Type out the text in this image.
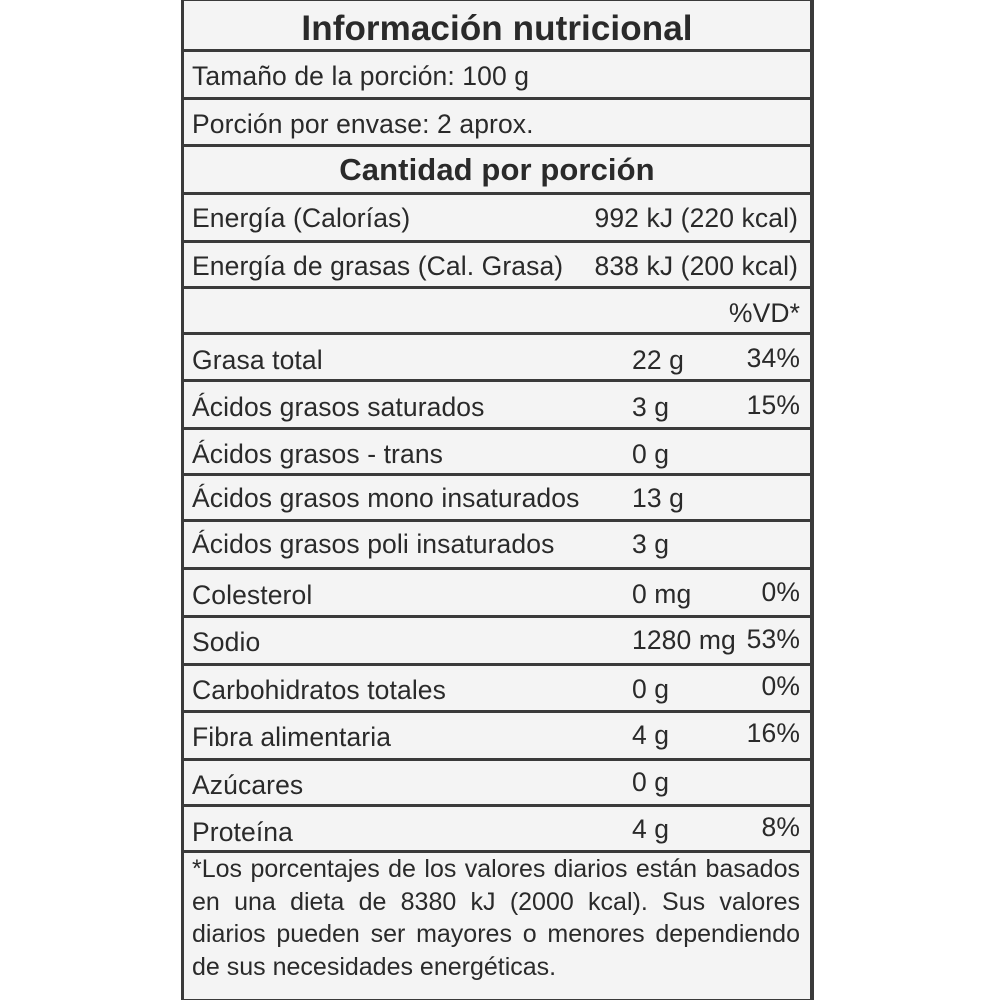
Información nutricional
Tamaño de la porción: 100 g
Porción por envase: 2 aprox.
Cantidad por porción
Energía (Calorías)	992 kJ (220 kcal)
Energía de grasas (Cal. Grasa) 838 kJ (200 kcal)
%VD*
Grasa total	22 g 34%
Ácidos grasos saturados	3 g	15%
Ácidos grasos - trans	0 g
Ácidos grasos mono insaturados 13 g
Ácidos grasos poli insaturados	3 g
Colesterol	0 mg	0%
Sodio	1280 mg 53%
Carbohidratos totales	0 g	0%
Fibra alimentaria	4 g	16%
Azúcares	0 g
Proteína	4 g	8%
*Los porcentajes de los valores diarios están basados en una dieta de 8380 kJ (2000 kcal). Sus valores diarios pueden ser mayores o menores dependiendo de sus necesidades energéticas.
